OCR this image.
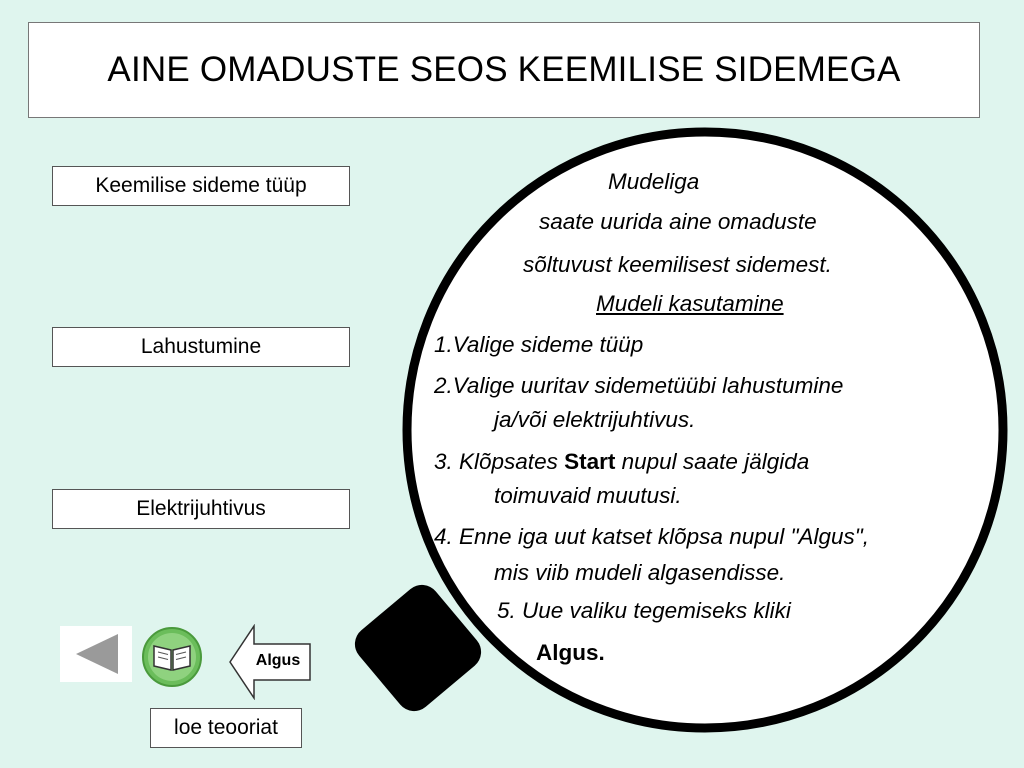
AINE OMADUSTE SEOS KEEMILISE SIDEMEGA
Keemilise sideme tüüp
Lahustumine
Elektrijuhtivus
Mudeliga
saate uurida aine omaduste
sõltuvust keemilisest sidemest.
Mudeli kasutamine
1.Valige sideme tüüp
2.Valige uuritav sidemetüübi lahustumine
ja/või elektrijuhtivus.
3. Klõpsates Start nupul saate jälgida
toimuvaid muutusi.
4. Enne iga uut katset klõpsa nupul "Algus",
mis viib mudeli algasendisse.
5. Uue valiku tegemiseks kliki
Algus.
Algus
loe teooriat
